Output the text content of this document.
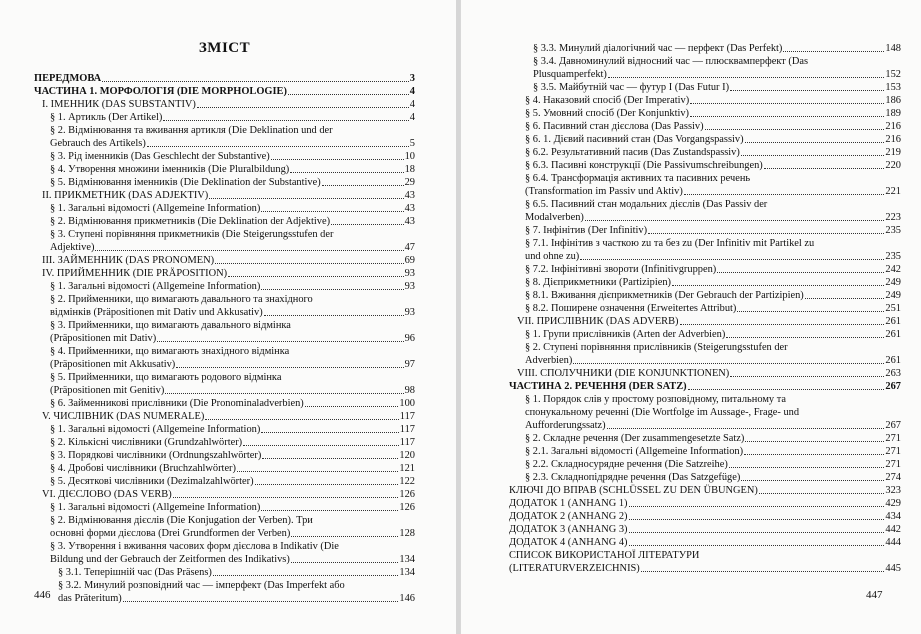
ЗМІСТ
ПЕРЕДМОВА	3
ЧАСТИНА 1. МОРФОЛОГІЯ (DIE MORPHOLOGIE)	4
І. ІМЕННИК (DAS SUBSTANTIV)	4
§ 1. Артикль (Der Artikel)	4
§ 2. Відмінювання та вживання артикля (Die Deklination und der
Gebrauch des Artikels)	5
§ 3. Рід іменників (Das Geschlecht der Substantive)	10
§ 4. Утворення множини іменників (Die Pluralbildung)	18
§ 5. Відмінювання іменників (Die Deklination der Substantive)	29
ІІ. ПРИКМЕТНИК (DAS ADJEKTIV)	43
§ 1. Загальні відомості (Allgemeine Information)	43
§ 2. Відмінювання прикметників (Die Deklination der Adjektive)	43
§ 3. Ступені порівняння прикметників (Die Steigerungsstufen der
Adjektive)	47
ІІІ. ЗАЙМЕННИК (DAS PRONOMEN)	69
IV. ПРИЙМЕННИК (DIE PRÄPOSITION)	93
§ 1. Загальні відомості (Allgemeine Information)	93
§ 2. Прийменники, що вимагають давального та знахідного
відмінків (Präpositionen mit Dativ und Akkusativ)	93
§ 3. Прийменники, що вимагають давального відмінка
(Präpositionen mit Dativ)	96
§ 4. Прийменники, що вимагають знахідного відмінка
(Präpositionen mit Akkusativ)	97
§ 5. Прийменники, що вимагають родового відмінка
(Präpositionen mit Genitiv)	98
§ 6. Займенникові прислівники (Die Pronominaladverbien)	100
V. ЧИСЛІВНИК (DAS NUMERALE)	117
§ 1. Загальні відомості (Allgemeine Information)	117
§ 2. Кількісні числівники (Grundzahlwörter)	117
§ 3. Порядкові числівники (Ordnungszahlwörter)	120
§ 4. Дробові числівники (Bruchzahlwörter)	121
§ 5. Десяткові числівники (Dezimalzahlwörter)	122
VI. ДІЄСЛОВО (DAS VERB)	126
§ 1. Загальні відомості (Allgemeine Information)	126
§ 2. Відмінювання дієслів (Die Konjugation der Verben). Три
основні форми дієслова (Drei Grundformen der Verben)	128
§ 3. Утворення і вживання часових форм дієслова в Indikativ (Die
Bildung und der Gebrauch der Zeitformen des Indikativs)	134
§ 3.1. Теперішній час (Das Präsens)	134
§ 3.2. Минулий розповідний час — імперфект (Das Imperfekt або
das Präteritum)	146
446
§ 3.3. Минулий діалогічний час — перфект (Das Perfekt)	148
§ 3.4. Давноминулий відносний час — плюсквамперфект (Das
Plusquamperfekt)	152
§ 3.5. Майбутній час — футур І (Das Futur I)	153
§ 4. Наказовий спосіб (Der Imperativ)	186
§ 5. Умовний спосіб (Der Konjunktiv)	189
§ 6. Пасивний стан дієслова (Das Passiv)	216
§ 6. 1. Дієвий пасивний стан (Das Vorgangspassiv)	216
§ 6.2. Результативний пасив (Das Zustandspassiv)	219
§ 6.3. Пасивні конструкції (Die Passivumschreibungen)	220
§ 6.4. Трансформація активних та пасивних речень
(Transformation im Passiv und Aktiv)	221
§ 6.5. Пасивний стан модальних дієслів (Das Passiv der
Modalverben)	223
§ 7. Інфінітив (Der Infinitiv)	235
§ 7.1. Інфінітив з часткою zu та без zu (Der Infinitiv mit Partikel zu
und ohne zu)	235
§ 7.2. Інфінітивні звороти (Infinitivgruppen)	242
§ 8. Дієприкметники (Partizipien)	249
§ 8.1. Вживання дієприкметників (Der Gebrauch der Partizipien)	249
§ 8.2. Поширене означення (Erweitertes Attribut)	251
VII. ПРИСЛІВНИК (DAS ADVERB)	261
§ 1. Групи прислівників (Arten der Adverbien)	261
§ 2. Ступені порівняння прислівників (Steigerungsstufen der
Adverbien)	261
VIII. СПОЛУЧНИКИ (DIE KONJUNKTIONEN)	263
ЧАСТИНА 2. РЕЧЕННЯ (DER SATZ)	267
§ 1. Порядок слів у простому розповідному, питальному та
спонукальному реченні (Die Wortfolge im Aussage-, Frage- und
Aufforderungssatz)	267
§ 2. Складне речення (Der zusammengesetzte Satz)	271
§ 2.1. Загальні відомості (Allgemeine Information)	271
§ 2.2. Складносурядне речення (Die Satzreihe)	271
§ 2.3. Складнопідрядне речення (Das Satzgefüge)	274
КЛЮЧІ ДО ВПРАВ (SCHLÜSSEL ZU DEN ÜBUNGEN)	323
ДОДАТОК 1 (ANHANG 1)	429
ДОДАТОК 2 (ANHANG 2)	434
ДОДАТОК 3 (ANHANG 3)	442
ДОДАТОК 4 (ANHANG 4)	444
СПИСОК ВИКОРИСТАНОЇ ЛІТЕРАТУРИ
(LITERATURVERZEICHNIS)	445
447
